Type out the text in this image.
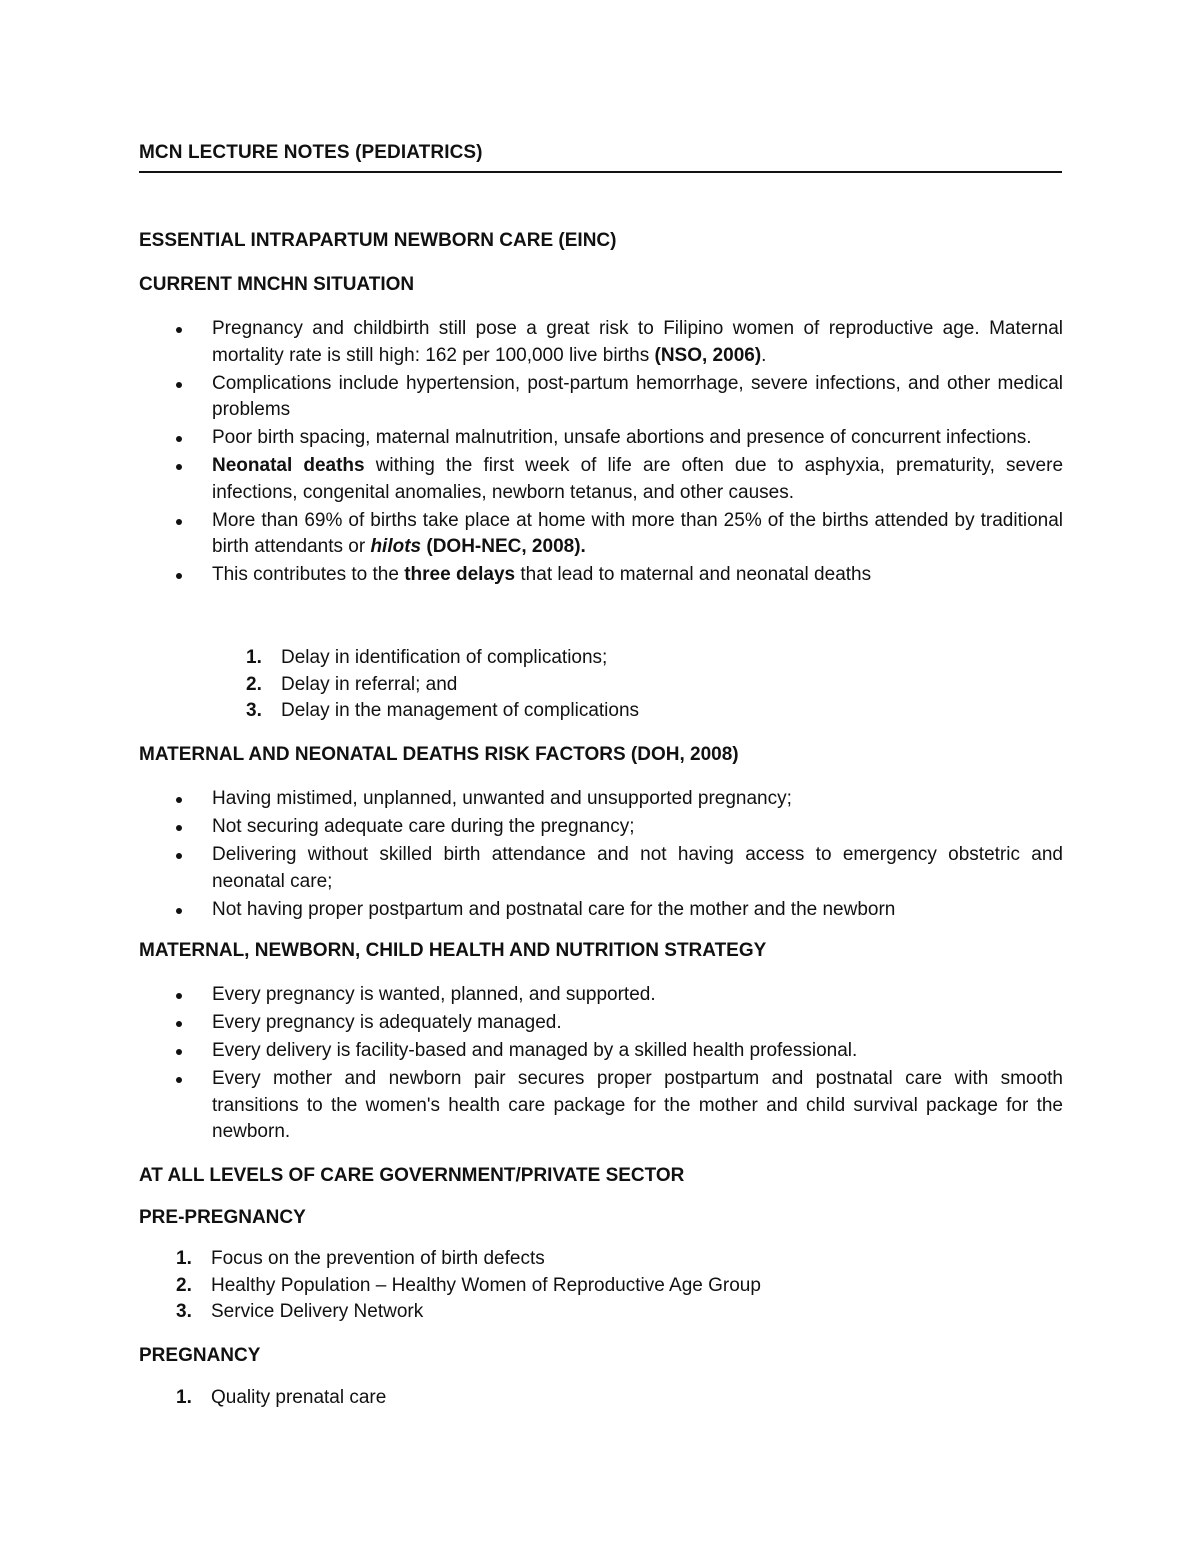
MCN LECTURE NOTES (PEDIATRICS)
ESSENTIAL INTRAPARTUM NEWBORN CARE (EINC)
CURRENT MNCHN SITUATION
Pregnancy and childbirth still pose a great risk to Filipino women of reproductive age. Maternal mortality rate is still high: 162 per 100,000 live births (NSO, 2006).
Complications include hypertension, post-partum hemorrhage, severe infections, and other medical problems
Poor birth spacing, maternal malnutrition, unsafe abortions and presence of concurrent infections.
Neonatal deaths withing the first week of life are often due to asphyxia, prematurity, severe infections, congenital anomalies, newborn tetanus, and other causes.
More than 69% of births take place at home with more than 25% of the births attended by traditional birth attendants or hilots (DOH-NEC, 2008).
This contributes to the three delays that lead to maternal and neonatal deaths
1. Delay in identification of complications;
2. Delay in referral; and
3. Delay in the management of complications
MATERNAL AND NEONATAL DEATHS RISK FACTORS (DOH, 2008)
Having mistimed, unplanned, unwanted and unsupported pregnancy;
Not securing adequate care during the pregnancy;
Delivering without skilled birth attendance and not having access to emergency obstetric and neonatal care;
Not having proper postpartum and postnatal care for the mother and the newborn
MATERNAL, NEWBORN, CHILD HEALTH AND NUTRITION STRATEGY
Every pregnancy is wanted, planned, and supported.
Every pregnancy is adequately managed.
Every delivery is facility-based and managed by a skilled health professional.
Every mother and newborn pair secures proper postpartum and postnatal care with smooth transitions to the women's health care package for the mother and child survival package for the newborn.
AT ALL LEVELS OF CARE GOVERNMENT/PRIVATE SECTOR
PRE-PREGNANCY
1. Focus on the prevention of birth defects
2. Healthy Population – Healthy Women of Reproductive Age Group
3. Service Delivery Network
PREGNANCY
1. Quality prenatal care
